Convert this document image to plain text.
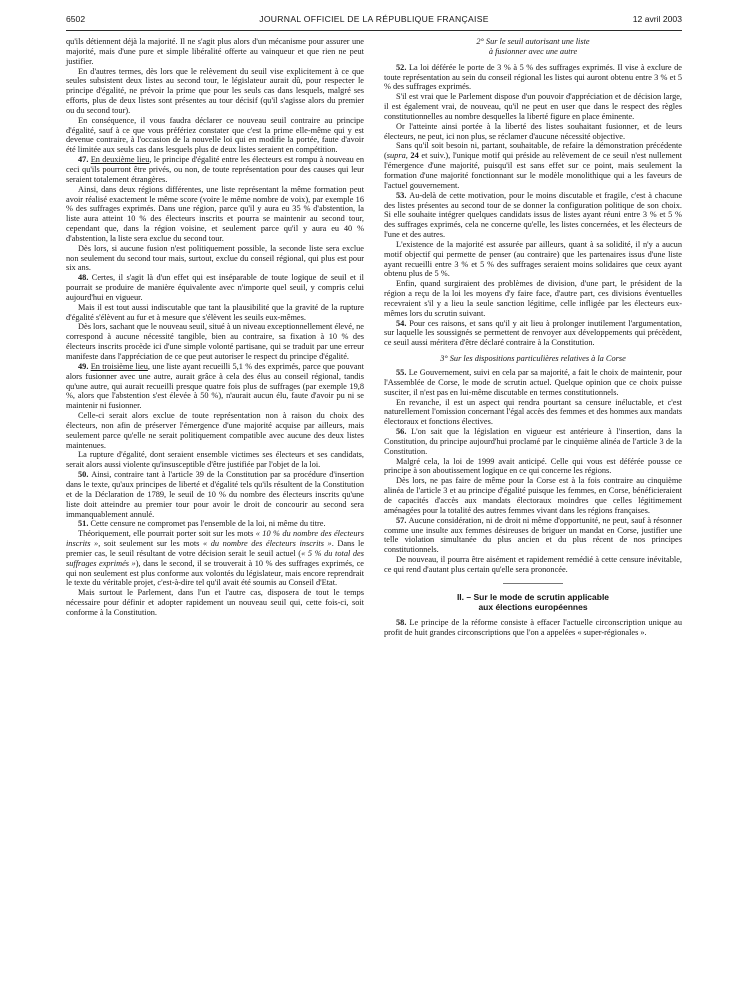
6502	JOURNAL OFFICIEL DE LA RÉPUBLIQUE FRANÇAISE	12 avril 2003

qu'ils détiennent déjà la majorité. Il ne s'agit plus alors d'un mécanisme pour assurer une majorité, mais d'une pure et simple libéralité offerte au vainqueur et que rien ne peut justifier.

En d'autres termes, dès lors que le relèvement du seuil vise explicitement à ce que seules subsistent deux listes au second tour, le législateur aurait dû, pour respecter le principe d'égalité, ne prévoir la prime que pour les seuls cas dans lesquels, malgré ses efforts, plus de deux listes sont présentes au tour décisif (qu'il s'agisse alors du premier ou du second tour).

En conséquence, il vous faudra déclarer ce nouveau seuil contraire au principe d'égalité, sauf à ce que vous préfériez constater que c'est la prime elle-même qui y est devenue contraire, à l'occasion de la nouvelle loi qui en modifie la portée, faute d'avoir été limitée aux seuls cas dans lesquels plus de deux listes seraient en compétition.

47. En deuxième lieu, le principe d'égalité entre les électeurs est rompu à nouveau en ceci qu'ils pourront être privés, ou non, de toute représentation pour des causes qui leur seraient totalement étrangères.

Ainsi, dans deux régions différentes, une liste représentant la même formation peut avoir réalisé exactement le même score (voire le même nombre de voix), par exemple 16 % des suffrages exprimés. Dans une région, parce qu'il y aura eu 35 % d'abstention, la liste aura atteint 10 % des électeurs inscrits et pourra se maintenir au second tour, cependant que, dans la région voisine, et seulement parce qu'il y aura eu 40 % d'abstention, la liste sera exclue du second tour.

Dès lors, si aucune fusion n'est politiquement possible, la seconde liste sera exclue non seulement du second tour mais, surtout, exclue du conseil régional, qui plus est pour six ans.

48. Certes, il s'agit là d'un effet qui est inséparable de toute logique de seuil et il pourrait se produire de manière équivalente avec n'importe quel seuil, y compris celui aujourd'hui en vigueur.

Mais il est tout aussi indiscutable que tant la plausibilité que la gravité de la rupture d'égalité s'élèvent au fur et à mesure que s'élèvent les seuils eux-mêmes.

Dès lors, sachant que le nouveau seuil, situé à un niveau exceptionnellement élevé, ne correspond à aucune nécessité tangible, bien au contraire, sa fixation à 10 % des électeurs inscrits procède ici d'une simple volonté partisane, qui se traduit par une erreur manifeste dans l'appréciation de ce que peut autoriser le respect du principe d'égalité.

49. En troisième lieu, une liste ayant recueilli 5,1 % des exprimés, parce que pouvant alors fusionner avec une autre, aurait grâce à cela des élus au conseil régional, tandis qu'une autre, qui aurait recueilli presque quatre fois plus de suffrages (par exemple 19,8 %, alors que l'abstention s'est élevée à 50 %), n'aurait aucun élu, faute d'avoir pu ni se maintenir ni fusionner.

Celle-ci serait alors exclue de toute représentation non à raison du choix des électeurs, non afin de préserver l'émergence d'une majorité acquise par ailleurs, mais seulement parce qu'elle ne serait politiquement compatible avec aucune des deux listes maintenues.

La rupture d'égalité, dont seraient ensemble victimes ses électeurs et ses candidats, serait alors aussi violente qu'insusceptible d'être justifiée par l'objet de la loi.

50. Ainsi, contraire tant à l'article 39 de la Constitution par sa procédure d'insertion dans le texte, qu'aux principes de liberté et d'égalité tels qu'ils résultent de la Constitution et de la Déclaration de 1789, le seuil de 10 % du nombre des électeurs inscrits qu'une liste doit atteindre au premier tour pour avoir le droit de concourir au second sera immanquablement annulé.

51. Cette censure ne compromet pas l'ensemble de la loi, ni même du titre.

Théoriquement, elle pourrait porter soit sur les mots « 10 % du nombre des électeurs inscrits », soit seulement sur les mots « du nombre des électeurs inscrits ». Dans le premier cas, le seuil résultant de votre décision serait le seuil actuel (« 5 % du total des suffrages exprimés »), dans le second, il se trouverait à 10 % des suffrages exprimés, ce qui non seulement est plus conforme aux volontés du législateur, mais encore reprendrait le texte du véritable projet, c'est-à-dire tel qu'il avait été soumis au Conseil d'Etat.

Mais surtout le Parlement, dans l'un et l'autre cas, disposera de tout le temps nécessaire pour définir et adopter rapidement un nouveau seuil qui, cette fois-ci, soit conforme à la Constitution.

2° Sur le seuil autorisant une liste
à fusionner avec une autre

52. La loi déférée le porte de 3 % à 5 % des suffrages exprimés. Il vise à exclure de toute représentation au sein du conseil régional les listes qui auront obtenu entre 3 % et 5 % des suffrages exprimés.

S'il est vrai que le Parlement dispose d'un pouvoir d'appréciation et de décision large, il est également vrai, de nouveau, qu'il ne peut en user que dans le respect des règles constitutionnelles au nombre desquelles la liberté figure en place éminente.

Or l'atteinte ainsi portée à la liberté des listes souhaitant fusionner, et de leurs électeurs, ne peut, ici non plus, se réclamer d'aucune nécessité objective.

Sans qu'il soit besoin ni, partant, souhaitable, de refaire la démonstration précédente (supra, 24 et suiv.), l'unique motif qui préside au relèvement de ce seuil n'est nullement l'émergence d'une majorité, puisqu'il est sans effet sur ce point, mais seulement la formation d'une majorité fonctionnant sur le modèle monolithique qui a les faveurs de l'actuel gouvernement.

53. Au-delà de cette motivation, pour le moins discutable et fragile, c'est à chacune des listes présentes au second tour de se donner la configuration politique de son choix. Si elle souhaite intégrer quelques candidats issus de listes ayant réuni entre 3 % et 5 % des suffrages exprimés, cela ne concerne qu'elle, les listes concernées, et les électeurs de l'une et des autres.

L'existence de la majorité est assurée par ailleurs, quant à sa solidité, il n'y a aucun motif objectif qui permette de penser (au contraire) que les partenaires issus d'une liste ayant recueilli entre 3 % et 5 % des suffrages seraient moins solidaires que ceux ayant obtenu plus de 5 %.

Enfin, quand surgiraient des problèmes de division, d'une part, le président de la région a reçu de la loi les moyens d'y faire face, d'autre part, ces divisions éventuelles recevraient s'il y a lieu la seule sanction légitime, celle infligée par les électeurs eux-mêmes lors du scrutin suivant.

54. Pour ces raisons, et sans qu'il y ait lieu à prolonger inutilement l'argumentation, sur laquelle les soussignés se permettent de renvoyer aux développements qui précèdent, ce seuil aussi méritera d'être déclaré contraire à la Constitution.

3° Sur les dispositions particulières relatives à la Corse

55. Le Gouvernement, suivi en cela par sa majorité, a fait le choix de maintenir, pour l'Assemblée de Corse, le mode de scrutin actuel. Quelque opinion que ce choix puisse susciter, il n'est pas en lui-même discutable en termes constitutionnels.

En revanche, il est un aspect qui rendra pourtant sa censure inéluctable, et c'est naturellement l'omission concernant l'égal accès des femmes et des hommes aux mandats électoraux et fonctions électives.

56. L'on sait que la législation en vigueur est antérieure à l'insertion, dans la Constitution, du principe aujourd'hui proclamé par le cinquième alinéa de l'article 3 de la Constitution.

Malgré cela, la loi de 1999 avait anticipé. Celle qui vous est déférée pousse ce principe à son aboutissement logique en ce qui concerne les régions.

Dès lors, ne pas faire de même pour la Corse est à la fois contraire au cinquième alinéa de l'article 3 et au principe d'égalité puisque les femmes, en Corse, bénéficieraient de capacités d'accès aux mandats électoraux moindres que celles légitimement aménagées pour la totalité des autres femmes vivant dans les régions françaises.

57. Aucune considération, ni de droit ni même d'opportunité, ne peut, sauf à résonner comme une insulte aux femmes désireuses de briguer un mandat en Corse, justifier une telle violation simultanée du plus ancien et du plus récent de nos principes constitutionnels.

De nouveau, il pourra être aisément et rapidement remédié à cette censure inévitable, ce qui rend d'autant plus certain qu'elle sera prononcée.

II. – Sur le mode de scrutin applicable
aux élections européennes

58. Le principe de la réforme consiste à effacer l'actuelle circonscription unique au profit de huit grandes circonscriptions que l'on a appelées « super-régionales ».
